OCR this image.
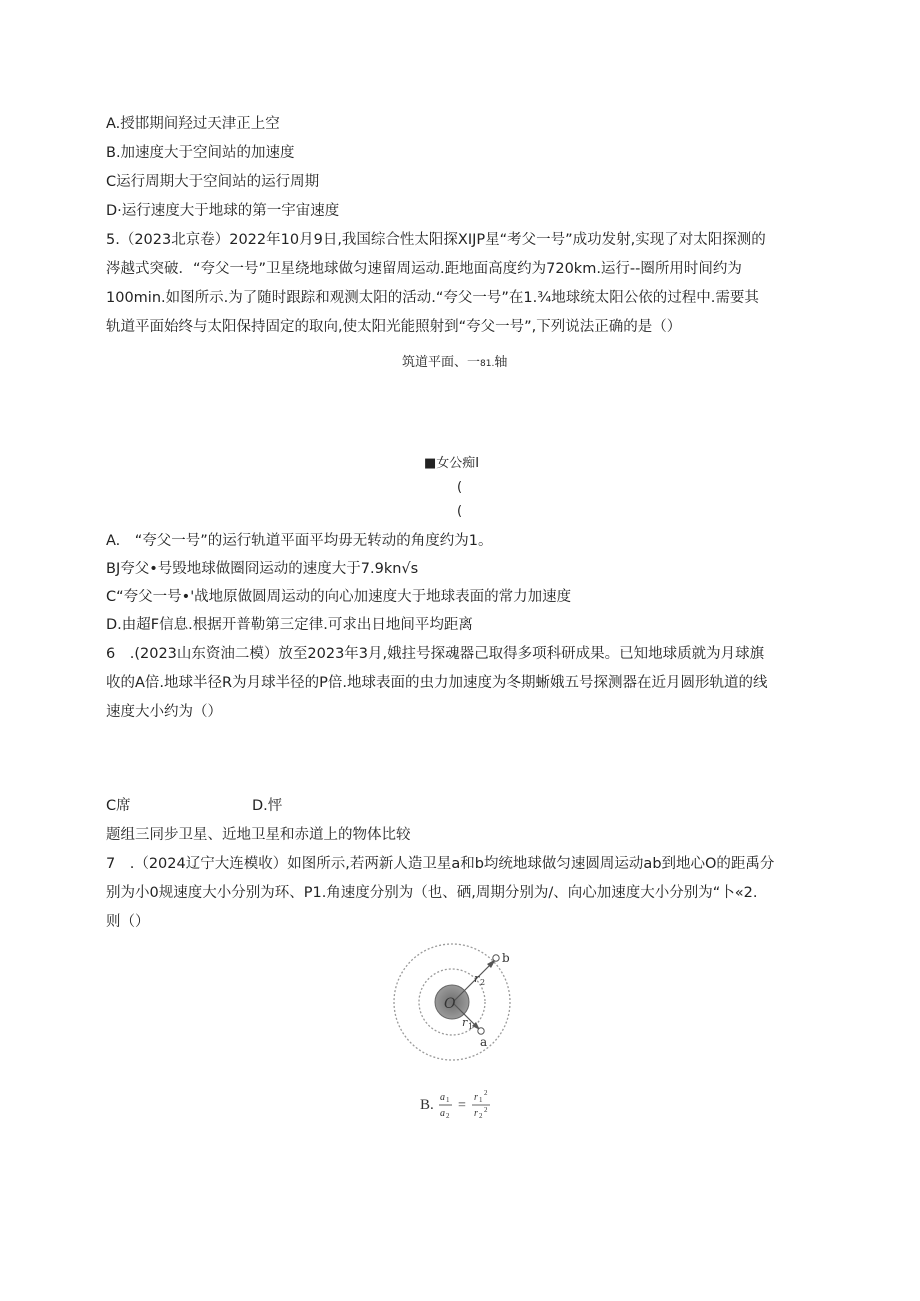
A.授邯期间羟过天津正上空
B.加速度大于空间站的加速度
C运行周期大于空间站的运行周期
D·运行速度大于地球的第一宇宙速度
5.（2023北京卷）2022年10月9日,我国综合性太阳探XIJP星“考父一号”成功发射,实现了对太阳探测的
涔越式突破．“夸父一号”卫星绕地球做匀速留周运动.距地面高度约为720km.运行--圈所用时间约为
100min.如图所示.为了随时跟踪和观测太阳的活动.“夸父一号”在1.¾地球统太阳公依的过程中.需要其
轨道平面始终与太阳保持固定的取向,使太阳光能照射到“夸父一号”,下列说法正确的是（）
筑道平面、一81.轴
■女公痴I
(
(
A.　“夸父一号”的运行轨道平面平均毋无转动的角度约为1。
BJ夸父•号毁地球做圈冏运动的速度大于7.9kn√s
C“夸父一号•'战地原做圆周运动的向心加速度大于地球表面的常力加速度
D.由超F信息.根据开普勒第三定律.可求出日地间平均距离
6　.(2023山东资油二模）放至2023年3月,娥拄号探魂器己取得多项科研成果。已知地球质就为月球旗
收的A倍.地球半径R为月球半径的P倍.地球表面的虫力加速度为冬期蜥娥五号探测器在近月圆形轨道的线
速度大小约为（）
C席	D.怦
题组三同步卫星、近地卫星和赤道上的物体比较
7　.（2024辽宁大连模收）如图所示,若两新人造卫星a和b均统地球做匀速圆周运动ab到地心O的距禹分
别为小0规速度大小分别为环、P1.角速度分别为（也、硒,周期分别为/、向心加速度大小分别为“卜«2.
则（）
O
b
a
r 2
r 1
B. a 1
a 2
=
r 1
2
r 2
2
